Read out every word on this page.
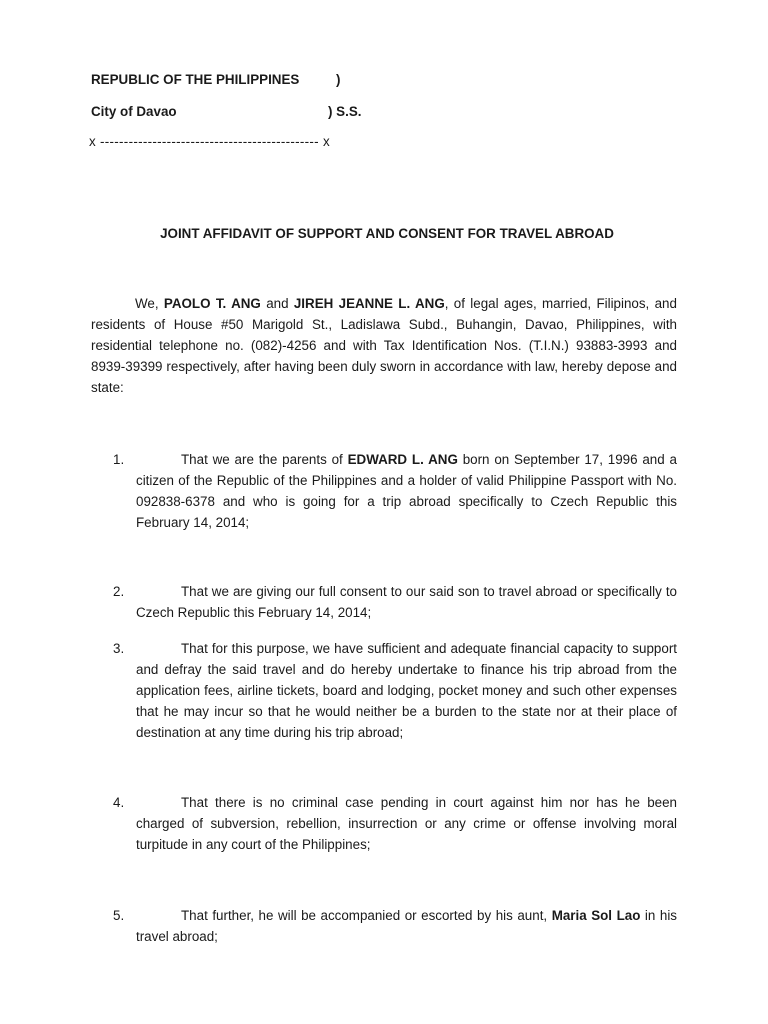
REPUBLIC OF THE PHILIPPINES	)
City of Davao	) S.S.
x ---------------------------------------------- x
JOINT AFFIDAVIT OF SUPPORT AND CONSENT FOR TRAVEL ABROAD
We, PAOLO T. ANG and JIREH JEANNE L. ANG, of legal ages, married, Filipinos, and residents of House #50 Marigold St., Ladislawa Subd., Buhangin, Davao, Philippines, with residential telephone no. (082)-4256 and with Tax Identification Nos. (T.I.N.) 93883-3993 and 8939-39399 respectively, after having been duly sworn in accordance with law, hereby depose and state:
1.	That we are the parents of EDWARD L. ANG born on September 17, 1996 and a citizen of the Republic of the Philippines and a holder of valid Philippine Passport with No. 092838-6378 and who is going for a trip abroad specifically to Czech Republic this February 14, 2014;
2.	That we are giving our full consent to our said son to travel abroad or specifically to Czech Republic this February 14, 2014;
3.	That for this purpose, we have sufficient and adequate financial capacity to support and defray the said travel and do hereby undertake to finance his trip abroad from the application fees, airline tickets, board and lodging, pocket money and such other expenses that he may incur so that he would neither be a burden to the state nor at their place of destination at any time during his trip abroad;
4.	That there is no criminal case pending in court against him nor has he been charged of subversion, rebellion, insurrection or any crime or offense involving moral turpitude in any court of the Philippines;
5.	That further, he will be accompanied or escorted by his aunt, Maria Sol Lao in his travel abroad;
